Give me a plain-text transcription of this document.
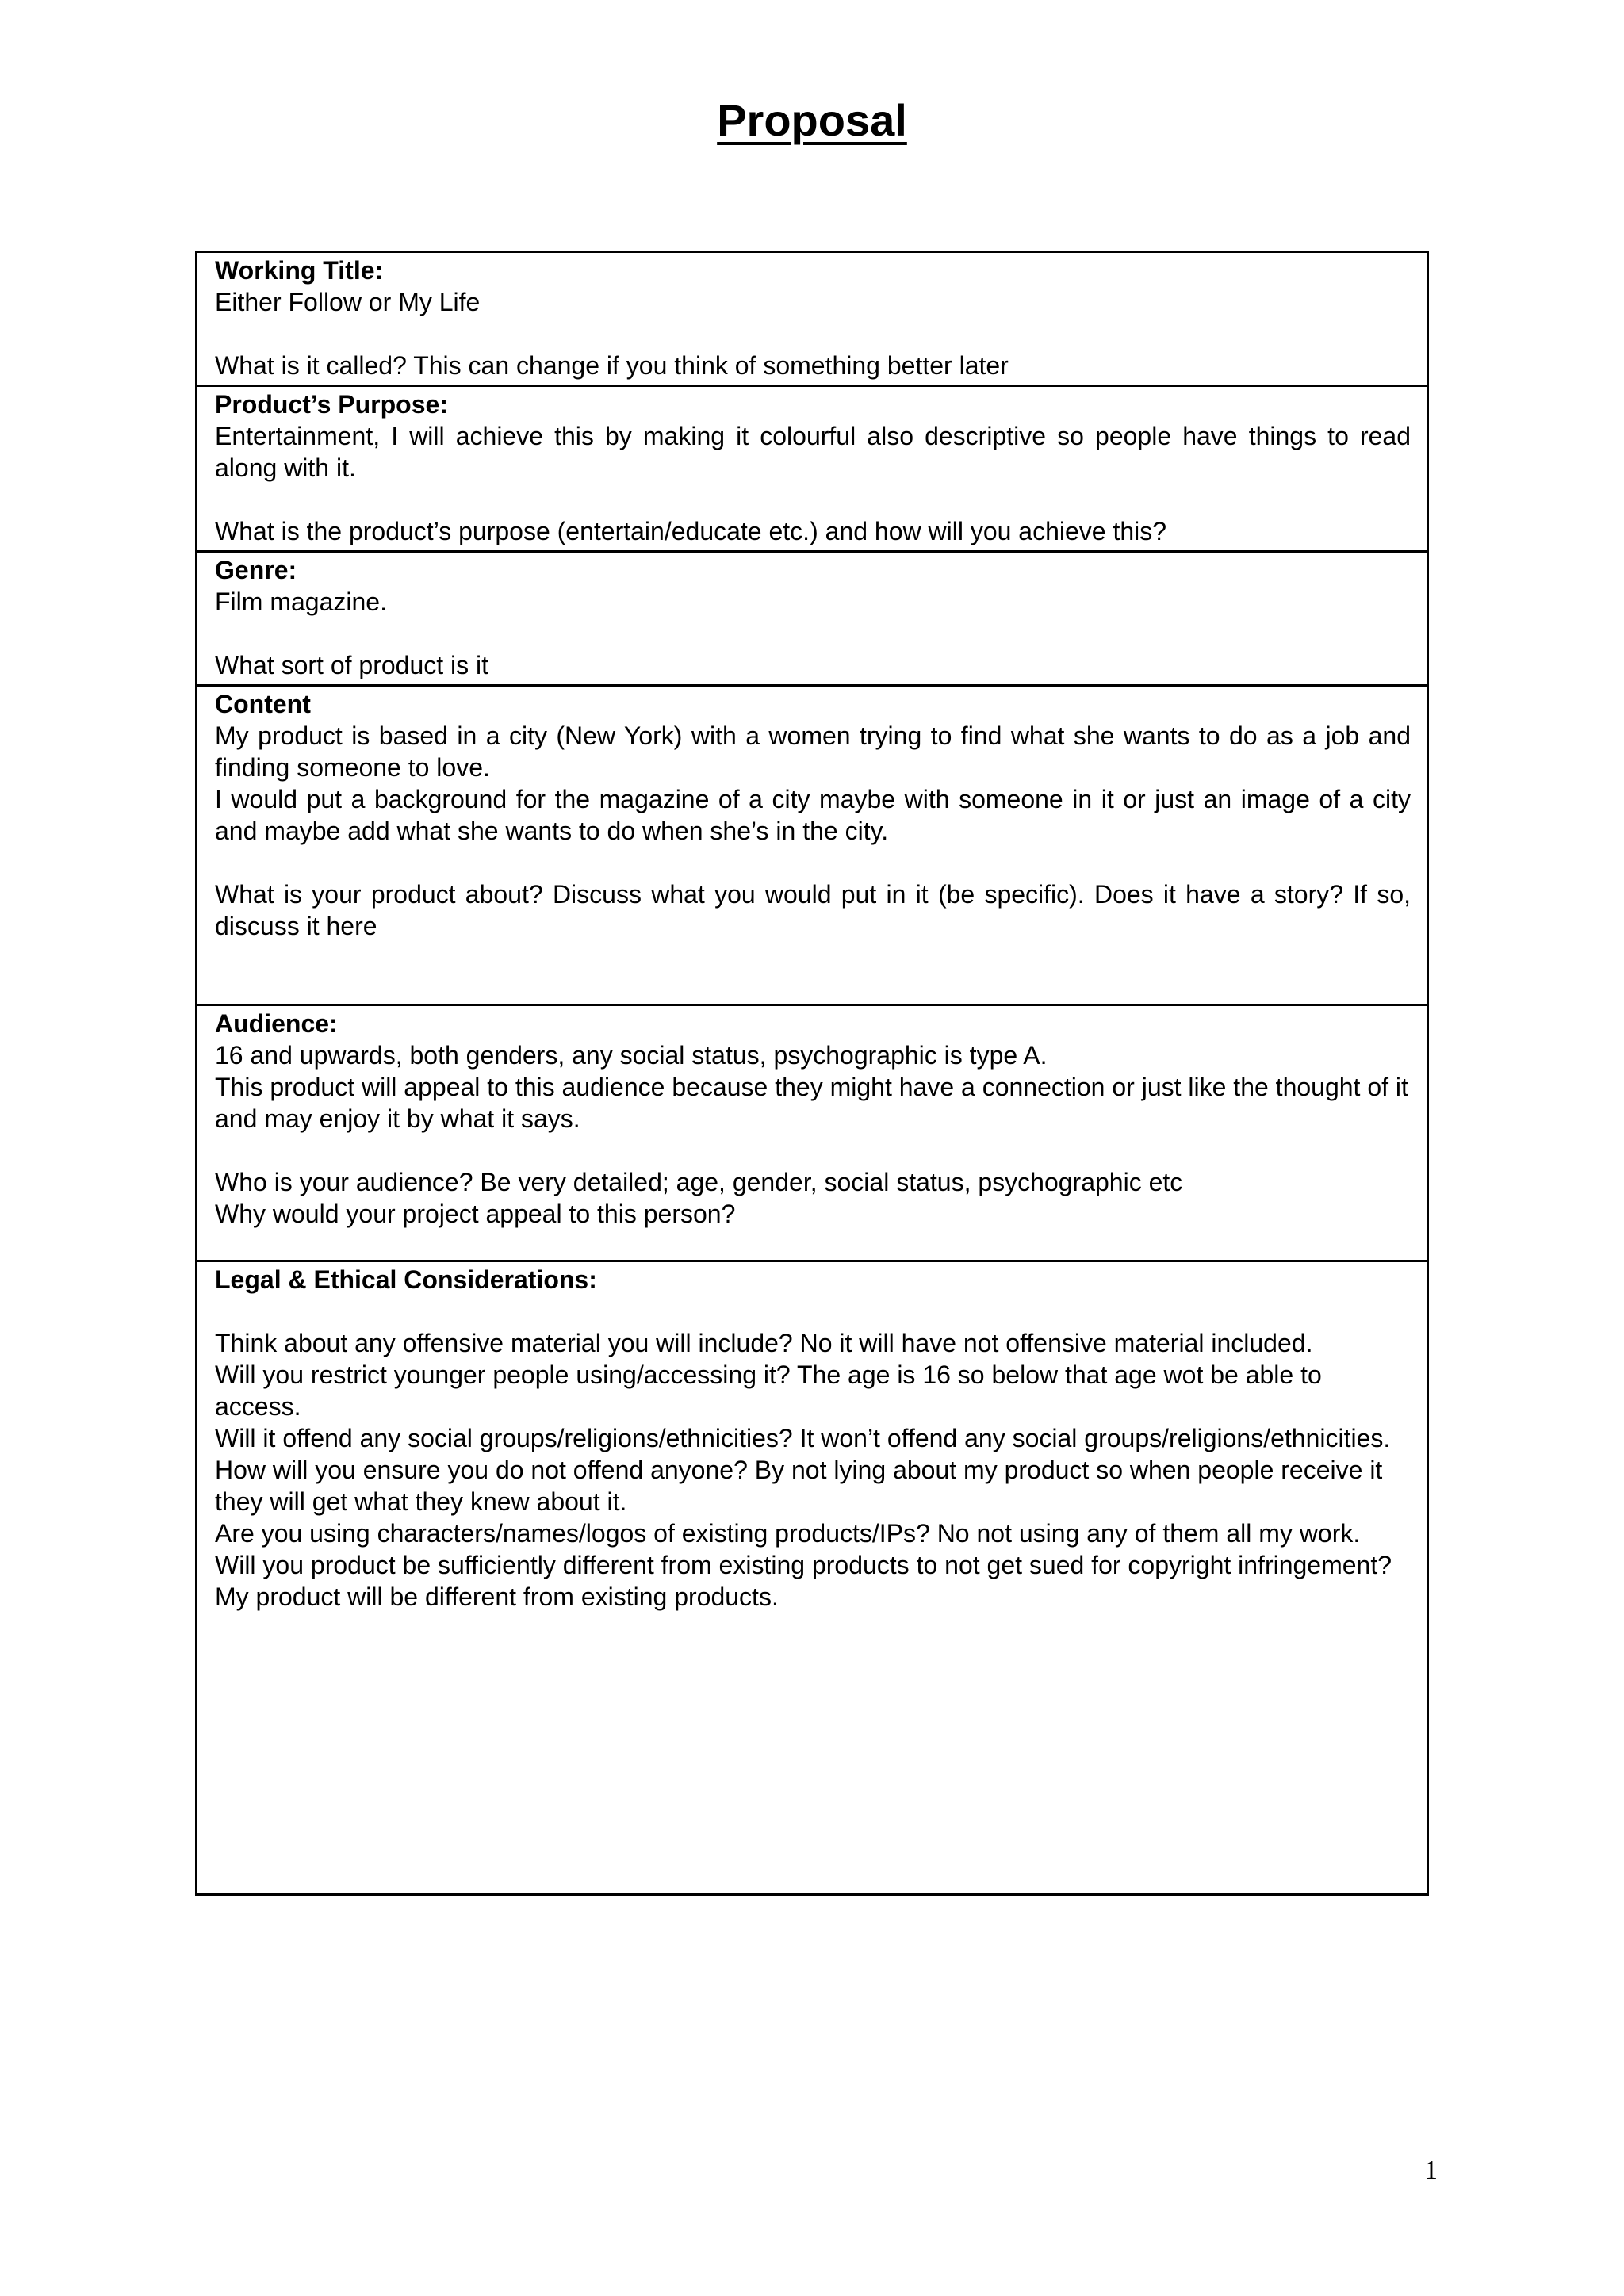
Proposal
Working Title:
Either Follow or My Life
What is it called? This can change if you think of something better later

Product’s Purpose:
Entertainment, I will achieve this by making it colourful also descriptive so people have things to read along with it.
What is the product’s purpose (entertain/educate etc.) and how will you achieve this?

Genre:
Film magazine.
What sort of product is it

Content
My product is based in a city (New York) with a women trying to find what she wants to do as a job and finding someone to love.
I would put a background for the magazine of a city maybe with someone in it or just an image of a city and maybe add what she wants to do when she’s in the city.
What is your product about? Discuss what you would put in it (be specific). Does it have a story? If so, discuss it here

Audience:
16 and upwards, both genders, any social status, psychographic is type A.
This product will appeal to this audience because they might have a connection or just like the thought of it and may enjoy it by what it says.
Who is your audience? Be very detailed; age, gender, social status, psychographic etc
Why would your project appeal to this person?

Legal & Ethical Considerations:
Think about any offensive material you will include? No it will have not offensive material included.
Will you restrict younger people using/accessing it? The age is 16 so below that age wot be able to access.
Will it offend any social groups/religions/ethnicities? It won’t offend any social groups/religions/ethnicities.
How will you ensure you do not offend anyone? By not lying about my product so when people receive it they will get what they knew about it.
Are you using characters/names/logos of existing products/IPs? No not using any of them all my work.
Will you product be sufficiently different from existing products to not get sued for copyright infringement? My product will be different from existing products.
1
